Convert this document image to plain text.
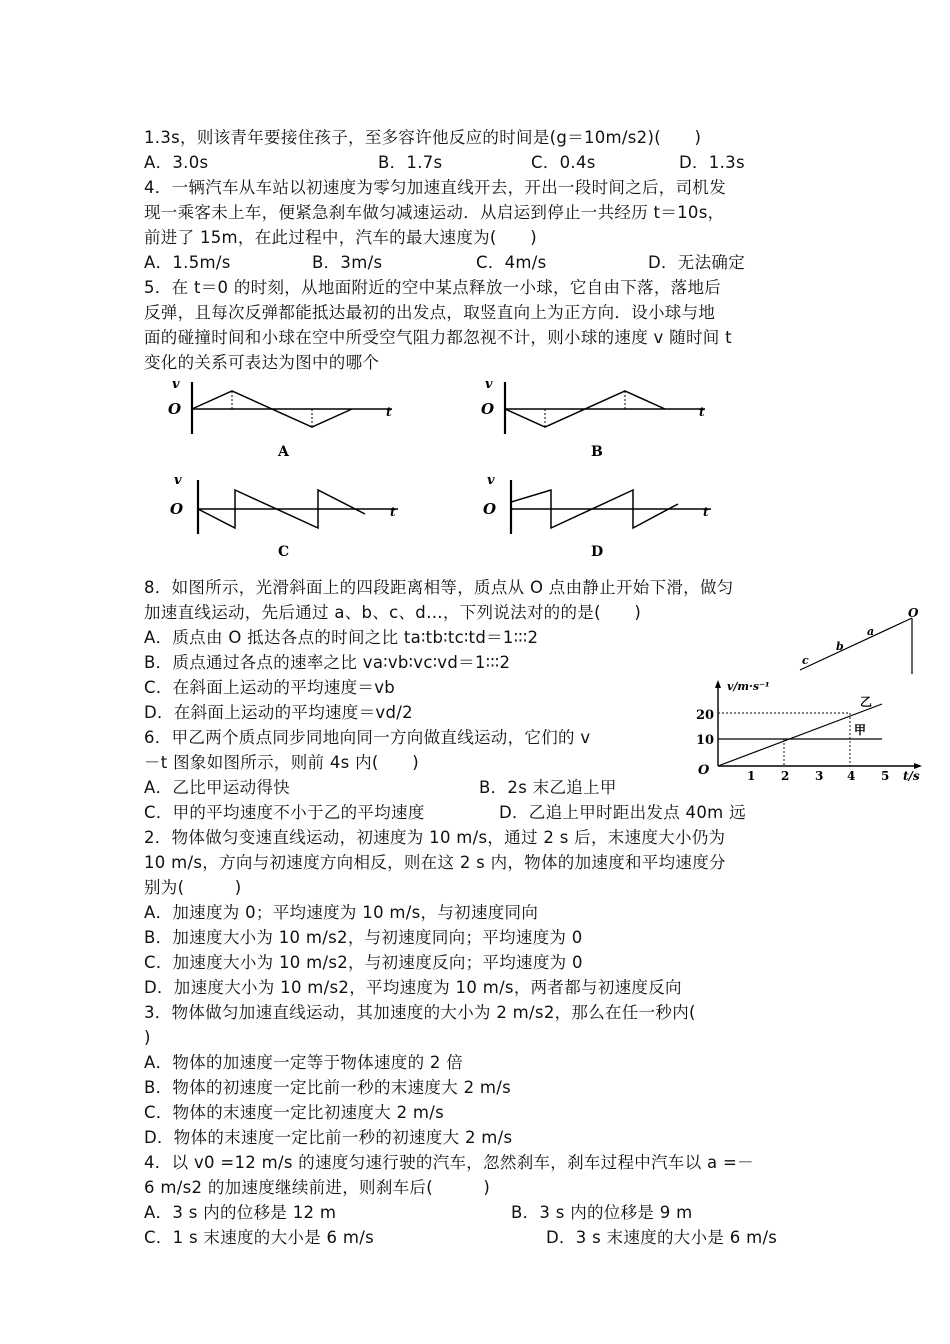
1.3s，则该青年要接住孩子，至多容许他反应的时间是(g＝10m/s2)(　　)
A．3.0s	B．1.7s	C．0.4s	D．1.3s
4．一辆汽车从车站以初速度为零匀加速直线开去，开出一段时间之后，司机发
现一乘客未上车，便紧急刹车做匀减速运动．从启运到停止一共经历 t＝10s，
前进了 15m，在此过程中，汽车的最大速度为(　　)
A．1.5m/s	B．3m/s	C．4m/s	D．无法确定
5．在 t＝0 的时刻，从地面附近的空中某点释放一小球，它自由下落，落地后
反弹，且每次反弹都能抵达最初的出发点，取竖直向上为正方向．设小球与地
面的碰撞时间和小球在空中所受空气阻力都忽视不计，则小球的速度 v 随时间 t
变化的关系可表达为图中的哪个
v
O	t
A
v
O	t
B
v
O	t
C
v
O	t
D
8．如图所示，光滑斜面上的四段距离相等，质点从 O 点由静止开始下滑，做匀
加速直线运动，先后通过 a、b、c、d…，下列说法对的的是(　　)
A．质点由 O 抵达各点的时间之比 ta∶tb∶tc∶td＝1∶∶∶2
B．质点通过各点的速率之比 va∶vb∶vc∶vd＝1∶∶∶2
C．在斜面上运动的平均速度＝vb
D．在斜面上运动的平均速度＝vd/2
O
a
b
c
6．甲乙两个质点同步同地向同一方向做直线运动，它们的 v
－t 图象如图所示，则前 4s 内(　　)
A．乙比甲运动得快	B．2s 末乙追上甲
C．甲的平均速度不小于乙的平均速度	D．乙追上甲时距出发点 40m 远
v/m·s⁻¹
t/s
O
20
10
1 2 3 4 5
甲
乙
2．物体做匀变速直线运动，初速度为 10 m/s，通过 2 s 后，末速度大小仍为
10 m/s，方向与初速度方向相反，则在这 2 s 内，物体的加速度和平均速度分
别为(　　　)
A．加速度为 0；平均速度为 10 m/s，与初速度同向
B．加速度大小为 10 m/s2，与初速度同向；平均速度为 0
C．加速度大小为 10 m/s2，与初速度反向；平均速度为 0
D．加速度大小为 10 m/s2，平均速度为 10 m/s，两者都与初速度反向
3．物体做匀加速直线运动，其加速度的大小为 2 m/s2，那么在任一秒内(
)
A．物体的加速度一定等于物体速度的 2 倍
B．物体的初速度一定比前一秒的末速度大 2 m/s
C．物体的末速度一定比初速度大 2 m/s
D．物体的末速度一定比前一秒的初速度大 2 m/s
4．以 v0 =12 m/s 的速度匀速行驶的汽车，忽然刹车，刹车过程中汽车以 a =－
6 m/s2 的加速度继续前进，则刹车后(　　　)
A．3 s 内的位移是 12 m	B．3 s 内的位移是 9 m
C．1 s 末速度的大小是 6 m/s	D．3 s 末速度的大小是 6 m/s
